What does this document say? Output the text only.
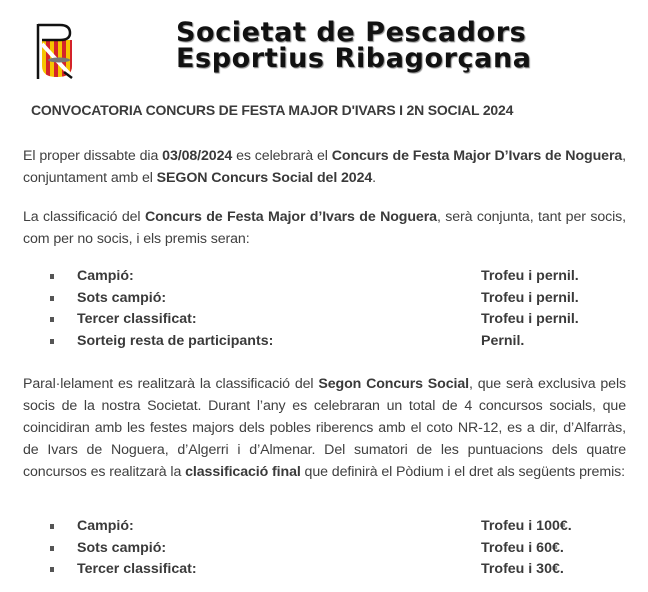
Societat de Pescadors
Esportius Ribagorçana
CONVOCATORIA CONCURS DE FESTA MAJOR D'IVARS I 2N SOCIAL 2024
El proper dissabte dia 03/08/2024 es celebrarà el Concurs de Festa Major D’Ivars de Noguera, conjuntament amb el SEGON Concurs Social del 2024.
La classificació del Concurs de Festa Major d’Ivars de Noguera, serà conjunta, tant per socis, com per no socis, i els premis seran:
Campió:	Trofeu i pernil.
Sots campió:	Trofeu i pernil.
Tercer classificat:	Trofeu i pernil.
Sorteig resta de participants:	Pernil.
Paral·lelament es realitzarà la classificació del Segon Concurs Social, que serà exclusiva pels socis de la nostra Societat. Durant l’any es celebraran un total de 4 concursos socials, que coincidiran amb les festes majors dels pobles riberencs amb el coto NR-12, es a dir, d’Alfarràs, de Ivars de Noguera, d’Algerri i d’Almenar. Del sumatori de les puntuacions dels quatre concursos es realitzarà la classificació final que definirà el Pòdium i el dret als següents premis:
Campió:	Trofeu i 100€.
Sots campió:	Trofeu i 60€.
Tercer classificat:	Trofeu i 30€.
